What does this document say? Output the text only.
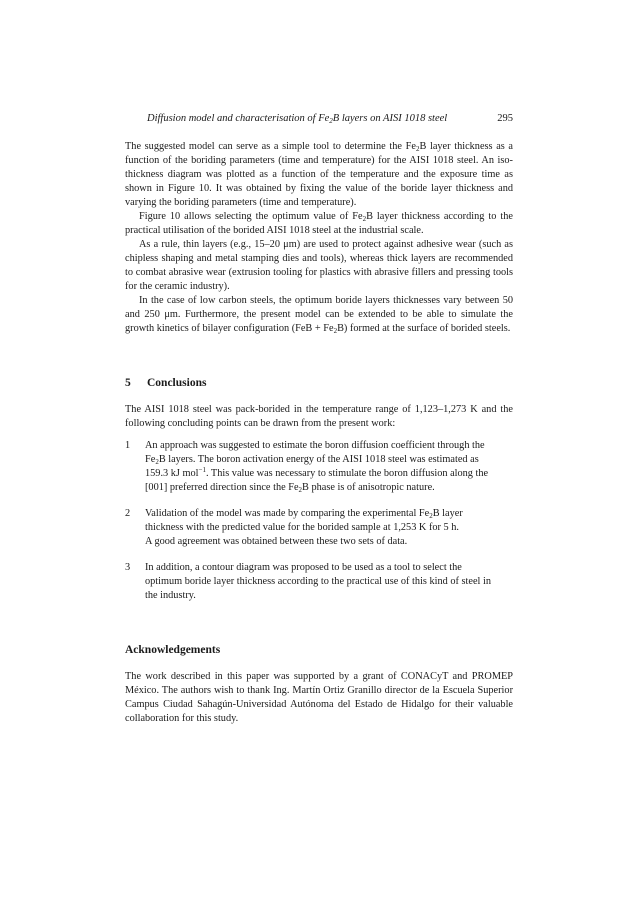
Diffusion model and characterisation of $Fe_2B$ layers on AISI 1018 steel	295

The suggested model can serve as a simple tool to determine the $Fe_2B$ layer thickness as a function of the boriding parameters (time and temperature) for the AISI 1018 steel. An iso-thickness diagram was plotted as a function of the temperature and the exposure time as shown in Figure 10. It was obtained by fixing the value of the boride layer thickness and varying the boriding parameters (time and temperature).

Figure 10 allows selecting the optimum value of $Fe_2B$ layer thickness according to the practical utilisation of the borided AISI 1018 steel at the industrial scale.

As a rule, thin layers (e.g., 15–20 μm) are used to protect against adhesive wear (such as chipless shaping and metal stamping dies and tools), whereas thick layers are recommended to combat abrasive wear (extrusion tooling for plastics with abrasive fillers and pressing tools for the ceramic industry).

In the case of low carbon steels, the optimum boride layers thicknesses vary between 50 and 250 μm. Furthermore, the present model can be extended to be able to simulate the growth kinetics of bilayer configuration $(FeB + Fe_2B)$ formed at the surface of borided steels.

5 Conclusions

The AISI 1018 steel was pack-borided in the temperature range of 1,123–1,273 K and the following concluding points can be drawn from the present work:

1	An approach was suggested to estimate the boron diffusion coefficient through the
$Fe_2B$ layers. The boron activation energy of the AISI 1018 steel was estimated as
159.3 kJ mol$^{-1}$. This value was necessary to stimulate the boron diffusion along the
[001] preferred direction since the $Fe_2B$ phase is of anisotropic nature.
2	Validation of the model was made by comparing the experimental $Fe_2B$ layer
thickness with the predicted value for the borided sample at 1,253 K for 5 h.
A good agreement was obtained between these two sets of data.
3	In addition, a contour diagram was proposed to be used as a tool to select the
optimum boride layer thickness according to the practical use of this kind of steel in
the industry.
Acknowledgements

The work described in this paper was supported by a grant of CONACyT and PROMEP México. The authors wish to thank Ing. Martín Ortiz Granillo director de la Escuela Superior Campus Ciudad Sahagún-Universidad Autónoma del Estado de Hidalgo for their valuable collaboration for this study.
